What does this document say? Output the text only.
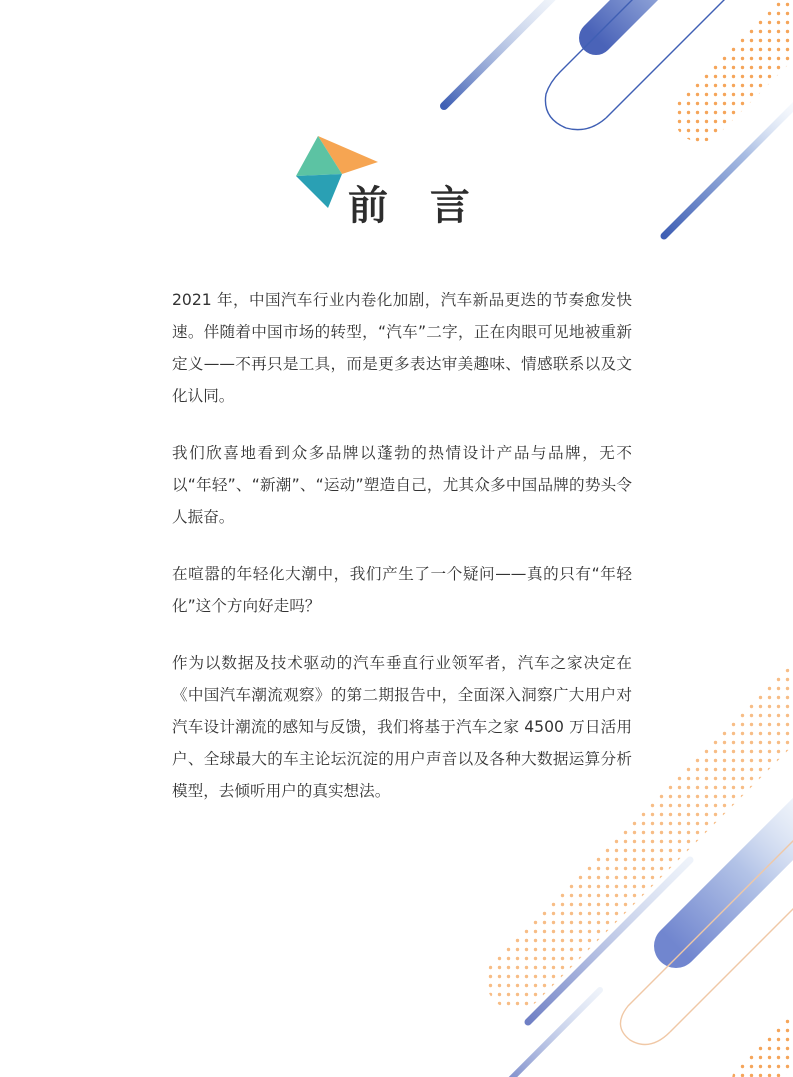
前 言

2021 年，中国汽车行业内卷化加剧，汽车新品更迭的节奏愈发快速。伴随着中国市场的转型，“汽车”二字，正在肉眼可见地被重新定义——不再只是工具，而是更多表达审美趣味、情感联系以及文化认同。

我们欣喜地看到众多品牌以蓬勃的热情设计产品与品牌，无不以“年轻”、“新潮”、“运动”塑造自己，尤其众多中国品牌的势头令人振奋。

在喧嚣的年轻化大潮中，我们产生了一个疑问——真的只有“年轻化”这个方向好走吗？

作为以数据及技术驱动的汽车垂直行业领军者，汽车之家决定在《中国汽车潮流观察》的第二期报告中，全面深入洞察广大用户对汽车设计潮流的感知与反馈，我们将基于汽车之家 4500 万日活用户、全球最大的车主论坛沉淀的用户声音以及各种大数据运算分析模型，去倾听用户的真实想法。
